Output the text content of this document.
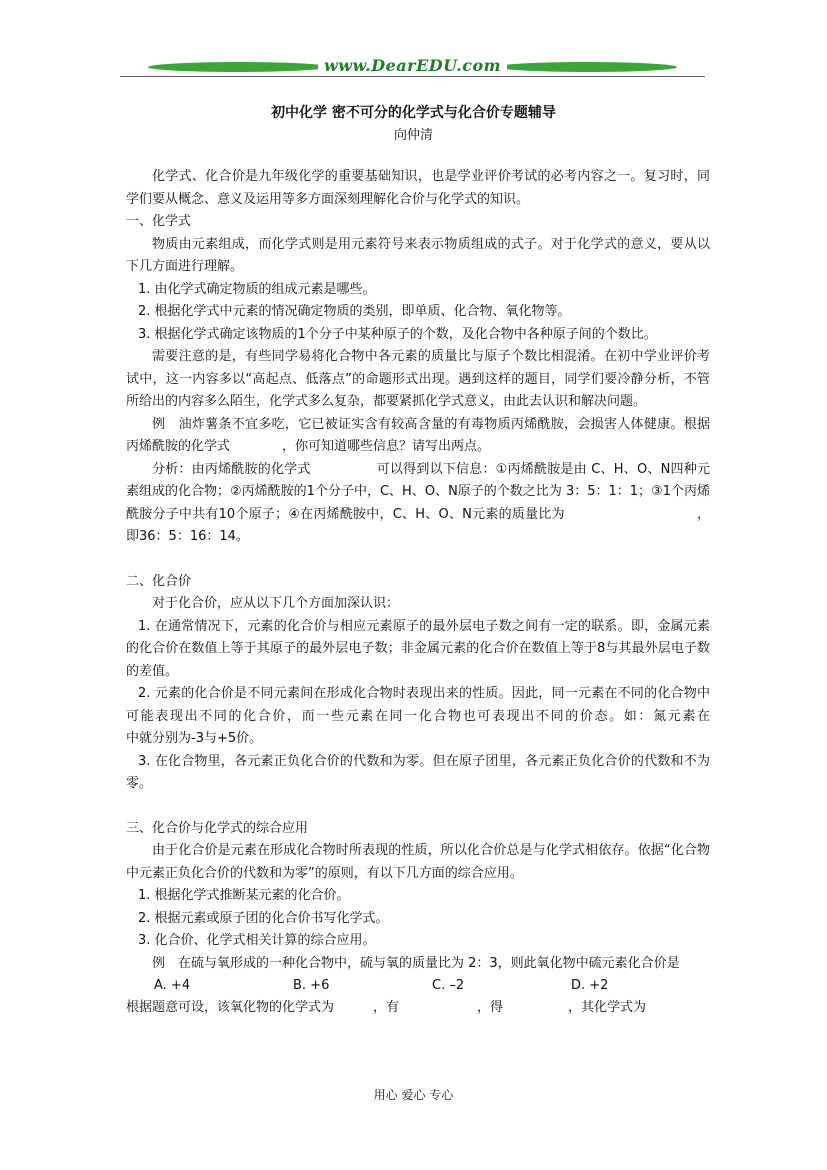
www.DearEDU.com
初中化学 密不可分的化学式与化合价专题辅导
向仲清

化学式、化合价是九年级化学的重要基础知识，也是学业评价考试的必考内容之一。复习时，同学们要从概念、意义及运用等多方面深刻理解化合价与化学式的知识。

一、化学式

物质由元素组成，而化学式则是用元素符号来表示物质组成的式子。对于化学式的意义，要从以下几方面进行理解。

1. 由化学式确定物质的组成元素是哪些。

2. 根据化学式中元素的情况确定物质的类别，即单质、化合物、氧化物等。

3. 根据化学式确定该物质的1个分子中某种原子的个数，及化合物中各种原子间的个数比。

需要注意的是，有些同学易将化合物中各元素的质量比与原子个数比相混淆。在初中学业评价考试中，这一内容多以“高起点、低落点”的命题形式出现。遇到这样的题目，同学们要冷静分析，不管所给出的内容多么陌生，化学式多么复杂，都要紧抓化学式意义，由此去认识和解决问题。

例　油炸薯条不宜多吃，它已被证实含有较高含量的有毒物质丙烯酰胺，会损害人体健康。根据丙烯酰胺的化学式　　　　，你可知道哪些信息？请写出两点。

分析：由丙烯酰胺的化学式　　　　　可以得到以下信息：①丙烯酰胺是由 C、H、O、N四种元素组成的化合物；②丙烯酰胺的1个分子中，C、H、O、N原子的个数之比为 3：5：1：1；③1个丙烯酰胺分子中共有10个原子；④在丙烯酰胺中，C、H、O、N元素的质量比为　　　　　　　　　　，即36：5：16：14。

二、化合价

对于化合价，应从以下几个方面加深认识：

1. 在通常情况下，元素的化合价与相应元素原子的最外层电子数之间有一定的联系。即，金属元素的化合价在数值上等于其原子的最外层电子数；非金属元素的化合价在数值上等于8与其最外层电子数的差值。

2. 元素的化合价是不同元素间在形成化合物时表现出来的性质。因此，同一元素在不同的化合物中可能表现出不同的化合价，而一些元素在同一化合物也可表现出不同的价态。如：氮元素在　　　　　中就分别为-3与+5价。

3. 在化合物里，各元素正负化合价的代数和为零。但在原子团里，各元素正负化合价的代数和不为零。

三、化合价与化学式的综合应用

由于化合价是元素在形成化合物时所表现的性质，所以化合价总是与化学式相依存。依据“化合物中元素正负化合价的代数和为零”的原则，有以下几方面的综合应用。

1. 根据化学式推断某元素的化合价。

2. 根据元素或原子团的化合价书写化学式。

3. 化合价、化学式相关计算的综合应用。

例　在硫与氧形成的一种化合物中，硫与氧的质量比为 2：3，则此氧化物中硫元素化合价是

A. +4	B. +6	C. –2	D. +2

根据题意可设，该氧化物的化学式为　　　，有　　　　　　，得　　　　　，其化学式为

用心 爱心 专心
